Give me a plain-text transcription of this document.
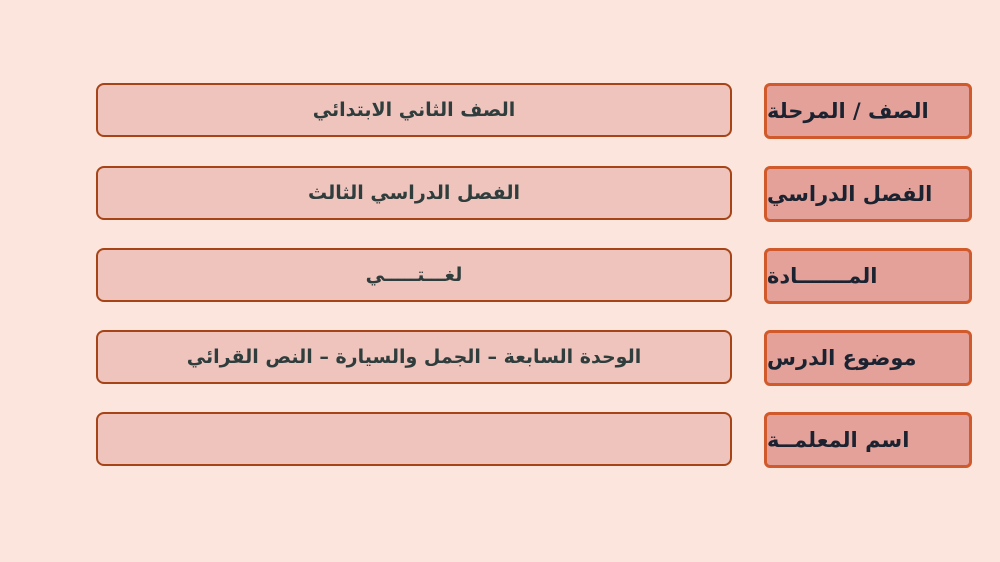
الصف الثاني الابتدائي	الصف / المرحلة
الفصل الدراسي الثالث	الفصل الدراسي
لغـــتـــــي	المـــــــادة
الوحدة السابعة – الجمل والسيارة – النص القرائي	موضوع الدرس
اسم المعلمــة
